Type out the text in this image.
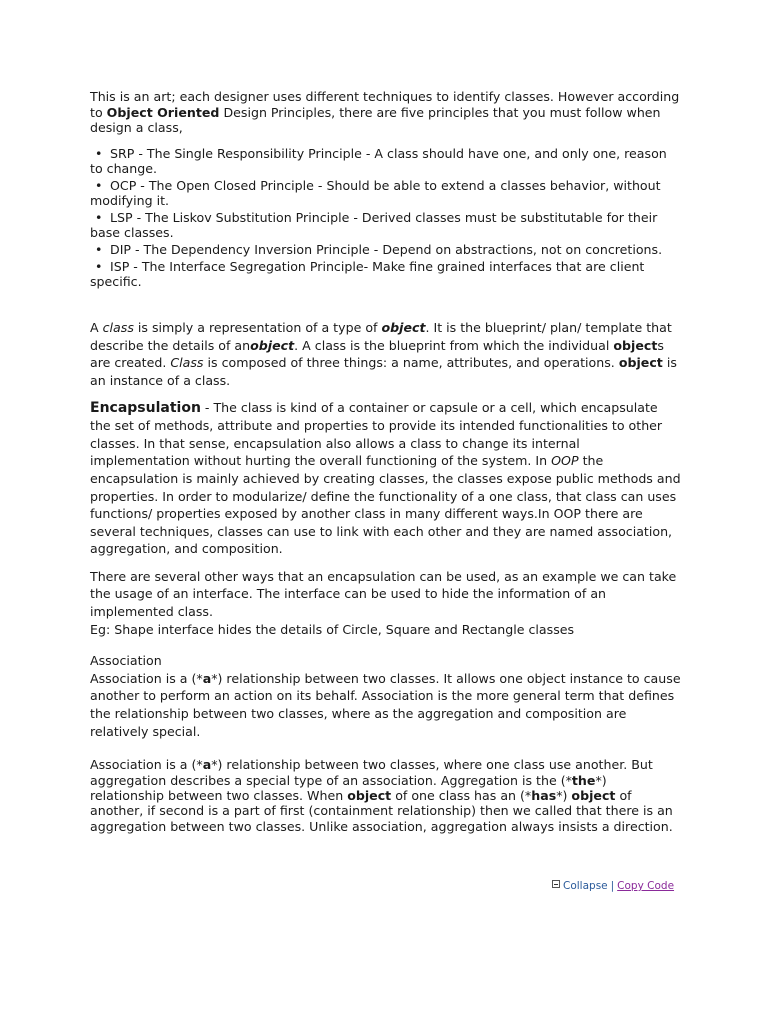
This is an art; each designer uses different techniques to identify classes. However according to Object Oriented Design Principles, there are five principles that you must follow when design a class,

• SRP - The Single Responsibility Principle - A class should have one, and only one, reason to change.
• OCP - The Open Closed Principle - Should be able to extend a classes behavior, without modifying it.
• LSP - The Liskov Substitution Principle - Derived classes must be substitutable for their base classes.
• DIP - The Dependency Inversion Principle - Depend on abstractions, not on concretions.
• ISP - The Interface Segregation Principle- Make fine grained interfaces that are client specific.

A class is simply a representation of a type of object. It is the blueprint/ plan/ template that describe the details of anobject. A class is the blueprint from which the individual objects are created. Class is composed of three things: a name, attributes, and operations. object is an instance of a class.

Encapsulation - The class is kind of a container or capsule or a cell, which encapsulate the set of methods, attribute and properties to provide its intended functionalities to other classes. In that sense, encapsulation also allows a class to change its internal implementation without hurting the overall functioning of the system. In OOP the encapsulation is mainly achieved by creating classes, the classes expose public methods and properties. In order to modularize/ define the functionality of a one class, that class can uses functions/ properties exposed by another class in many different ways.In OOP there are several techniques, classes can use to link with each other and they are named association, aggregation, and composition.

There are several other ways that an encapsulation can be used, as an example we can take the usage of an interface. The interface can be used to hide the information of an implemented class.
Eg: Shape interface hides the details of Circle, Square and Rectangle classes

Association
Association is a (*a*) relationship between two classes. It allows one object instance to cause another to perform an action on its behalf. Association is the more general term that defines the relationship between two classes, where as the aggregation and composition are relatively special.

Association is a (*a*) relationship between two classes, where one class use another. But aggregation describes a special type of an association. Aggregation is the (*the*) relationship between two classes. When object of one class has an (*has*) object of another, if second is a part of first (containment relationship) then we called that there is an aggregation between two classes. Unlike association, aggregation always insists a direction.

Collapse | Copy Code
